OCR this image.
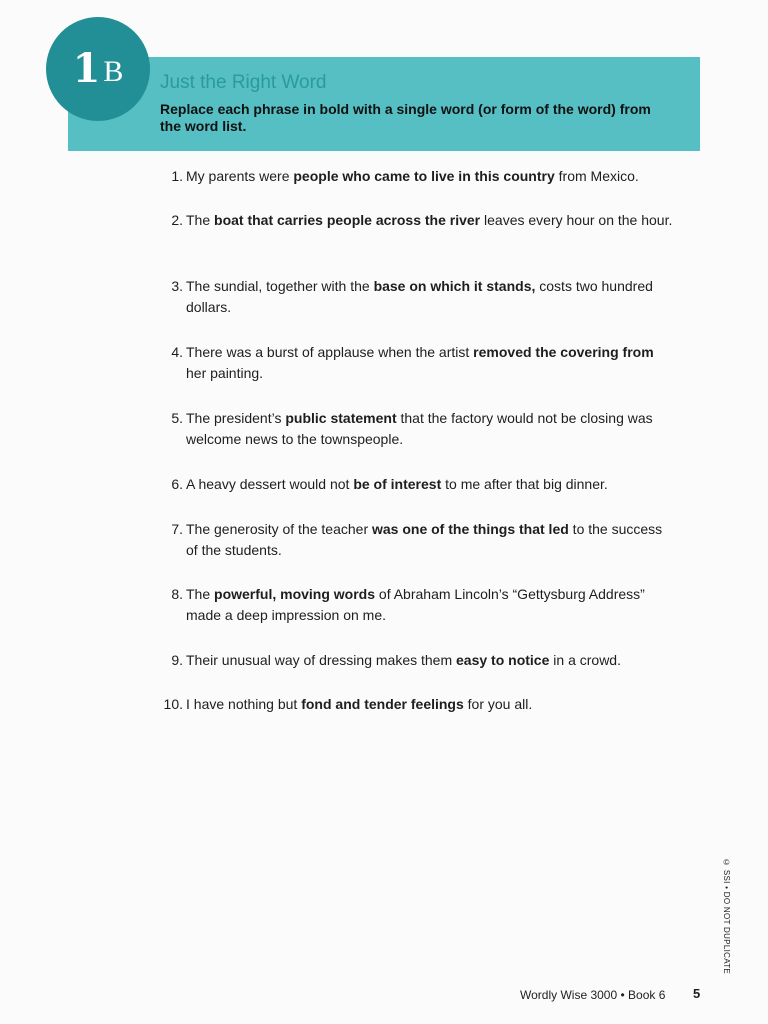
1 B Just the Right Word
Replace each phrase in bold with a single word (or form of the word) from the word list.
1. My parents were people who came to live in this country from Mexico.
2. The boat that carries people across the river leaves every hour on the hour.
3. The sundial, together with the base on which it stands, costs two hundred dollars.
4. There was a burst of applause when the artist removed the covering from her painting.
5. The president’s public statement that the factory would not be closing was welcome news to the townspeople.
6. A heavy dessert would not be of interest to me after that big dinner.
7. The generosity of the teacher was one of the things that led to the success of the students.
8. The powerful, moving words of Abraham Lincoln’s “Gettysburg Address” made a deep impression on me.
9. Their unusual way of dressing makes them easy to notice in a crowd.
10. I have nothing but fond and tender feelings for you all.
© SSI • DO NOT DUPLICATE
Wordly Wise 3000 • Book 6 5
